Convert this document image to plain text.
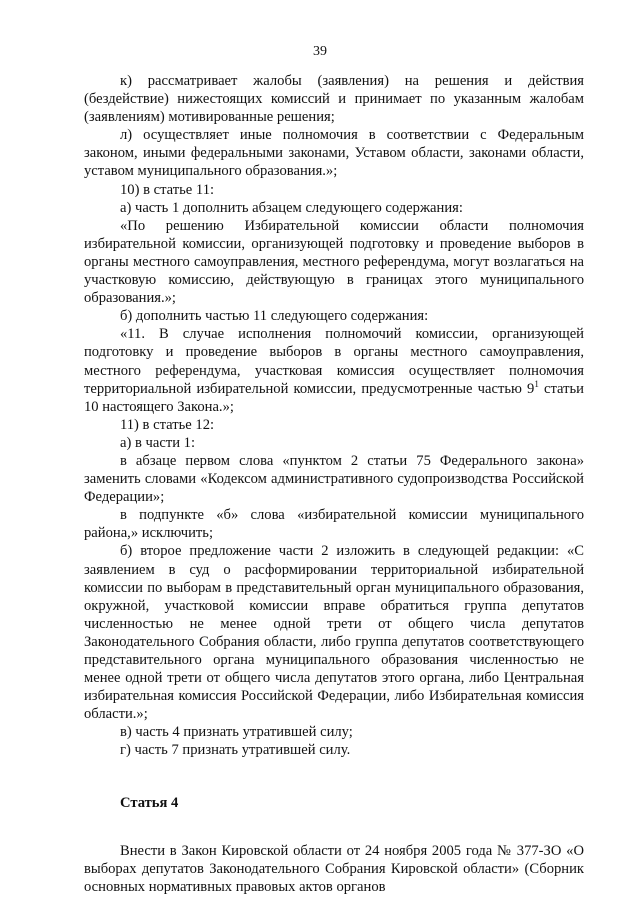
39

к) рассматривает жалобы (заявления) на решения и действия (бездействие) нижестоящих комиссий и принимает по указанным жалобам (заявлениям) мотивированные решения;

л) осуществляет иные полномочия в соответствии с Федеральным законом, иными федеральными законами, Уставом области, законами области, уставом муниципального образования.»;

10) в статье 11:

а) часть 1 дополнить абзацем следующего содержания:

«По решению Избирательной комиссии области полномочия избирательной комиссии, организующей подготовку и проведение выборов в органы местного самоуправления, местного референдума, могут возлагаться на участковую комиссию, действующую в границах этого муниципального образования.»;

б) дополнить частью 11 следующего содержания:

«11. В случае исполнения полномочий комиссии, организующей подготовку и проведение выборов в органы местного самоуправления, местного референдума, участковая комиссия осуществляет полномочия территориальной избирательной комиссии, предусмотренные частью $9^1$ статьи 10 настоящего Закона.»;

11) в статье 12:

а) в части 1:

в абзаце первом слова «пунктом 2 статьи 75 Федерального закона» заменить словами «Кодексом административного судопроизводства Российской Федерации»;

в подпункте «б» слова «избирательной комиссии муниципального района,» исключить;

б) второе предложение части 2 изложить в следующей редакции: «С заявлением в суд о расформировании территориальной избирательной комиссии по выборам в представительный орган муниципального образования, окружной, участковой комиссии вправе обратиться группа депутатов численностью не менее одной трети от общего числа депутатов Законодательного Собрания области, либо группа депутатов соответствующего представительного органа муниципального образования численностью не менее одной трети от общего числа депутатов этого органа, либо Центральная избирательная комиссия Российской Федерации, либо Избирательная комиссия области.»;

в) часть 4 признать утратившей силу;

г) часть 7 признать утратившей силу.

Статья 4

Внести в Закон Кировской области от 24 ноября 2005 года № 377-ЗО «О выборах депутатов Законодательного Собрания Кировской области» (Сборник основных нормативных правовых актов органов
